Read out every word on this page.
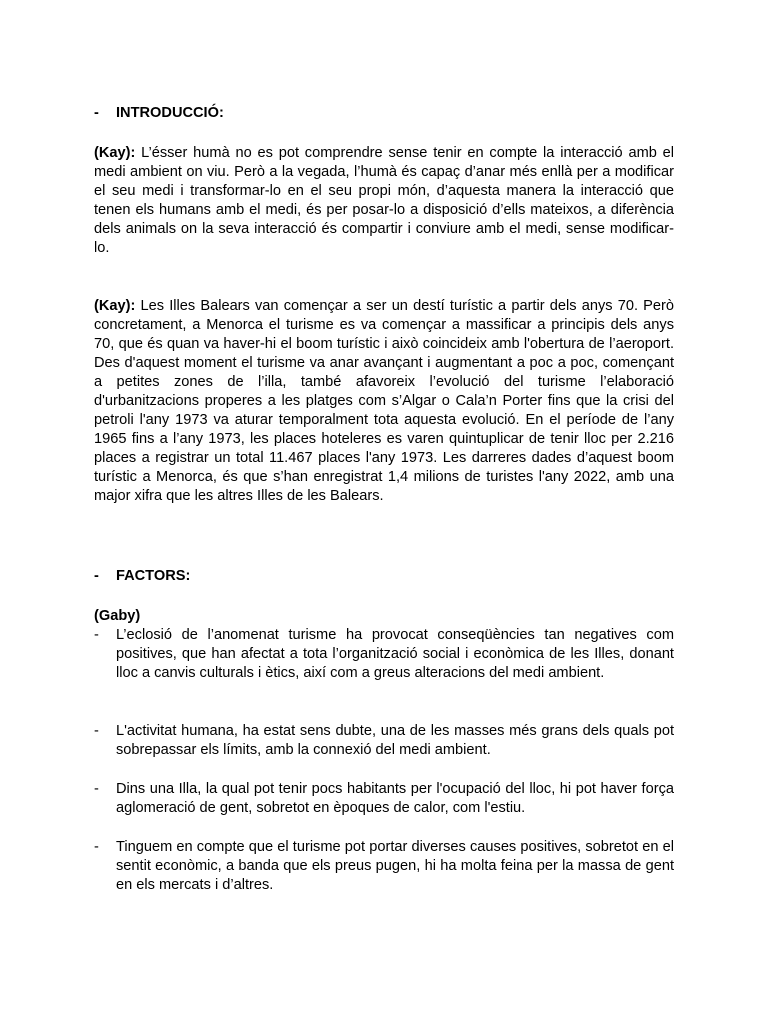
- INTRODUCCIÓ:
(Kay): L’ésser humà no es pot comprendre sense tenir en compte la interacció amb el medi ambient on viu. Però a la vegada, l’humà és capaç d’anar més enllà per a modificar el seu medi i transformar-lo en el seu propi món, d’aquesta manera la interacció que tenen els humans amb el medi, és per posar-lo a disposició d’ells mateixos, a diferència dels animals on la seva interacció és compartir i conviure amb el medi, sense modificar-lo.
(Kay): Les Illes Balears van començar a ser un destí turístic a partir dels anys 70. Però concretament, a Menorca el turisme es va començar a massificar a principis dels anys 70, que és quan va haver-hi el boom turístic i això coincideix amb l'obertura de l’aeroport. Des d'aquest moment el turisme va anar avançant i augmentant a poc a poc, començant a petites zones de l’illa, també afavoreix l’evolució del turisme l’elaboració d'urbanitzacions properes a les platges com s’Algar o Cala’n Porter fins que la crisi del petroli l'any 1973 va aturar temporalment tota aquesta evolució. En el període de l’any 1965 fins a l’any 1973, les places hoteleres es varen quintuplicar de tenir lloc per 2.216 places a registrar un total 11.467 places l'any 1973. Les darreres dades d’aquest boom turístic a Menorca, és que s’han enregistrat 1,4 milions de turistes l'any 2022, amb una major xifra que les altres Illes de les Balears.
- FACTORS:
(Gaby)
- L’eclosió de l’anomenat turisme ha provocat conseqüències tan negatives com positives, que han afectat a tota l’organització social i econòmica de les Illes, donant lloc a canvis culturals i ètics, així com a greus alteracions del medi ambient.
- L'activitat humana, ha estat sens dubte, una de les masses més grans dels quals pot sobrepassar els límits, amb la connexió del medi ambient.
- Dins una Illa, la qual pot tenir pocs habitants per l'ocupació del lloc, hi pot haver força aglomeració de gent, sobretot en èpoques de calor, com l'estiu.
- Tinguem en compte que el turisme pot portar diverses causes positives, sobretot en el sentit econòmic, a banda que els preus pugen, hi ha molta feina per la massa de gent en els mercats i d’altres.
